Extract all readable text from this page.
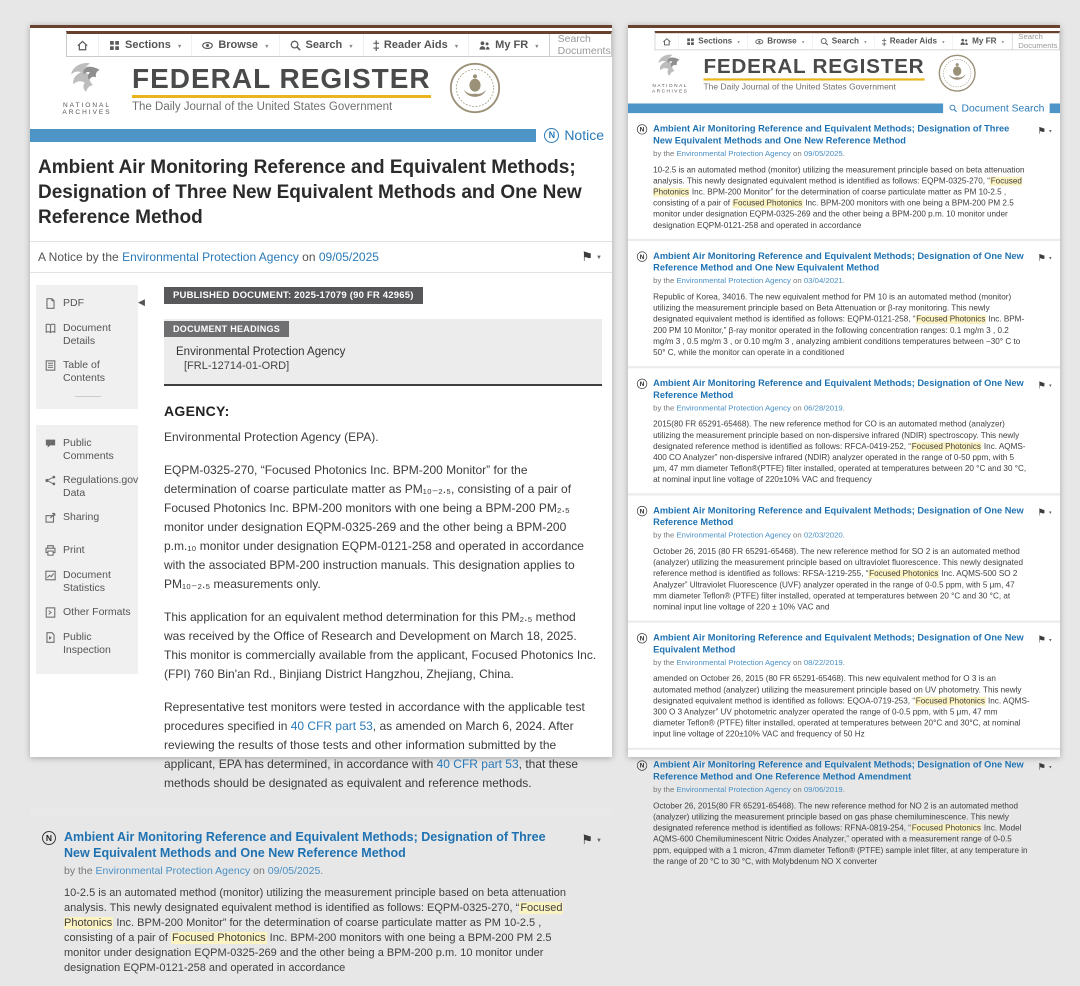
Sections ▼	Browse ▼	Search ▼ ‡	Reader Aids ▼	My FR ▼	Search Documents
NATIONAL
ARCHIVES
FEDERAL REGISTER
The Daily Journal of the United States Government
N Notice
Ambient Air Monitoring Reference and Equivalent Methods; Designation of Three New Equivalent Methods and One New Reference Method
A Notice by the Environmental Protection Agency on 09/05/2025
⚑ ▼
PDF
Document Details
Table of Contents
Public Comments
Regulations.gov Data
Sharing
Print
Document Statistics
Other Formats
Public Inspection
◀
PUBLISHED DOCUMENT: 2025-17079 (90 FR 42965)
DOCUMENT HEADINGS
Environmental Protection Agency
[FRL-12714-01-ORD]
AGENCY:

Environmental Protection Agency (EPA).

EQPM-0325-270, “Focused Photonics Inc. BPM-200 Monitor” for the determination of coarse particulate matter as PM₁₀₋₂.₅, consisting of a pair of Focused Photonics Inc. BPM-200 monitors with one being a BPM-200 PM₂.₅ monitor under designation EQPM-0325-269 and the other being a BPM-200 p.m.₁₀ monitor under designation EQPM-0121-258 and operated in accordance with the associated BPM-200 instruction manuals. This designation applies to PM₁₀₋₂.₅ measurements only.

This application for an equivalent method determination for this PM₂.₅ method was received by the Office of Research and Development on March 18, 2025. This monitor is commercially available from the applicant, Focused Photonics Inc. (FPI) 760 Bin'an Rd., Binjiang District Hangzhou, Zhejiang, China.

Representative test monitors were tested in accordance with the applicable test procedures specified in 40 CFR part 53, as amended on March 6, 2024. After reviewing the results of those tests and other information submitted by the applicant, EPA has determined, in accordance with 40 CFR part 53, that these methods should be designated as equivalent and reference methods.

N Ambient Air Monitoring Reference and Equivalent Methods; Designation of Three New Equivalent Methods and One New Reference Method
by the Environmental Protection Agency on 09/05/2025.

10-2.5 is an automated method (monitor) utilizing the measurement principle based on beta attenuation analysis. This newly designated equivalent method is identified as follows: EQPM-0325-270, “Focused Photonics Inc. BPM-200 Monitor” for the determination of coarse particulate matter as PM 10-2.5 , consisting of a pair of Focused Photonics Inc. BPM-200 monitors with one being a BPM-200 PM 2.5 monitor under designation EQPM-0325-269 and the other being a BPM-200 p.m. 10 monitor under designation EQPM-0121-258 and operated in accordance

⚑ ▼
Sections ▼	Browse ▼	Search ▼ ‡	Reader Aids ▼	My FR ▼ Search Documents
NATIONAL
ARCHIVES
FEDERAL REGISTER
The Daily Journal of the United States Government
Document Search
N Ambient Air Monitoring Reference and Equivalent Methods; Designation of Three New Equivalent Methods and One New Reference Method
by the Environmental Protection Agency on 09/05/2025.

10-2.5 is an automated method (monitor) utilizing the measurement principle based on beta attenuation analysis. This newly designated equivalent method is identified as follows: EQPM-0325-270, “Focused Photonics Inc. BPM-200 Monitor” for the determination of coarse particulate matter as PM 10-2.5 , consisting of a pair of Focused Photonics Inc. BPM-200 monitors with one being a BPM-200 PM 2.5 monitor under designation EQPM-0325-269 and the other being a BPM-200 p.m. 10 monitor under designation EQPM-0121-258 and operated in accordance

⚑ ▼
N Ambient Air Monitoring Reference and Equivalent Methods; Designation of One New Reference Method and One New Equivalent Method
by the Environmental Protection Agency on 03/04/2021.

Republic of Korea, 34016. The new equivalent method for PM 10 is an automated method (monitor) utilizing the measurement principle based on Beta Attenuation or β-ray monitoring. This newly designated equivalent method is identified as follows: EQPM-0121-258, “Focused Photonics Inc. BPM-200 PM 10 Monitor,” β-ray monitor operated in the following concentration ranges: 0.1 mg/m 3 , 0.2 mg/m 3 , 0.5 mg/m 3 , or 0.10 mg/m 3 , analyzing ambient conditions temperatures between −30° C to 50° C, while the monitor can operate in a conditioned

⚑ ▼
N Ambient Air Monitoring Reference and Equivalent Methods; Designation of One New Reference Method
by the Environmental Protection Agency on 06/28/2019.

2015(80 FR 65291-65468). The new reference method for CO is an automated method (analyzer) utilizing the measurement principle based on non-dispersive infrared (NDIR) spectroscopy. This newly designated reference method is identified as follows: RFCA-0419-252, “Focused Photonics Inc. AQMS-400 CO Analyzer” non-dispersive infrared (NDIR) analyzer operated in the range of 0-50 ppm, with 5 μm, 47 mm diameter Teflon®(PTFE) filter installed, operated at temperatures between 20 °C and 30 °C, at nominal input line voltage of 220±10% VAC and frequency

⚑ ▼
N Ambient Air Monitoring Reference and Equivalent Methods; Designation of One New Reference Method
by the Environmental Protection Agency on 02/03/2020.

October 26, 2015 (80 FR 65291-65468). The new reference method for SO 2 is an automated method (analyzer) utilizing the measurement principle based on ultraviolet fluorescence. This newly designated reference method is identified as follows: RFSA-1219-255, “Focused Photonics Inc. AQMS-500 SO 2 Analyzer” Ultraviolet Fluorescence (UVF) analyzer operated in the range of 0-0.5 ppm, with 5 μm, 47 mm diameter Teflon® (PTFE) filter installed, operated at temperatures between 20 °C and 30 °C, at nominal input line voltage of 220 ± 10% VAC and

⚑ ▼
N Ambient Air Monitoring Reference and Equivalent Methods; Designation of One New Equivalent Method
by the Environmental Protection Agency on 08/22/2019.

amended on October 26, 2015 (80 FR 65291-65468). This new equivalent method for O 3 is an automated method (analyzer) utilizing the measurement principle based on UV photometry. This newly designated equivalent method is identified as follows: EQOA-0719-253, “Focused Photonics Inc. AQMS-300 O 3 Analyzer” UV photometric analyzer operated the range of 0-0.5 ppm, with 5 μm, 47 mm diameter Teflon® (PTFE) filter installed, operated at temperatures between 20°C and 30°C, at nominal input line voltage of 220±10% VAC and frequency of 50 Hz

⚑ ▼
N Ambient Air Monitoring Reference and Equivalent Methods; Designation of One New Reference Method and One Reference Method Amendment
by the Environmental Protection Agency on 09/06/2019.

October 26, 2015(80 FR 65291-65468). The new reference method for NO 2 is an automated method (analyzer) utilizing the measurement principle based on gas phase chemiluminescence. This newly designated reference method is identified as follows: RFNA-0819-254, “Focused Photonics Inc. Model AQMS-600 Chemiluminescent Nitric Oxides Analyzer,” operated with a measurement range of 0-0.5 ppm, equipped with a 1 micron, 47mm diameter Teflon® (PTFE) sample inlet filter, at any temperature in the range of 20 °C to 30 °C, with Molybdenum NO X converter

⚑ ▼
